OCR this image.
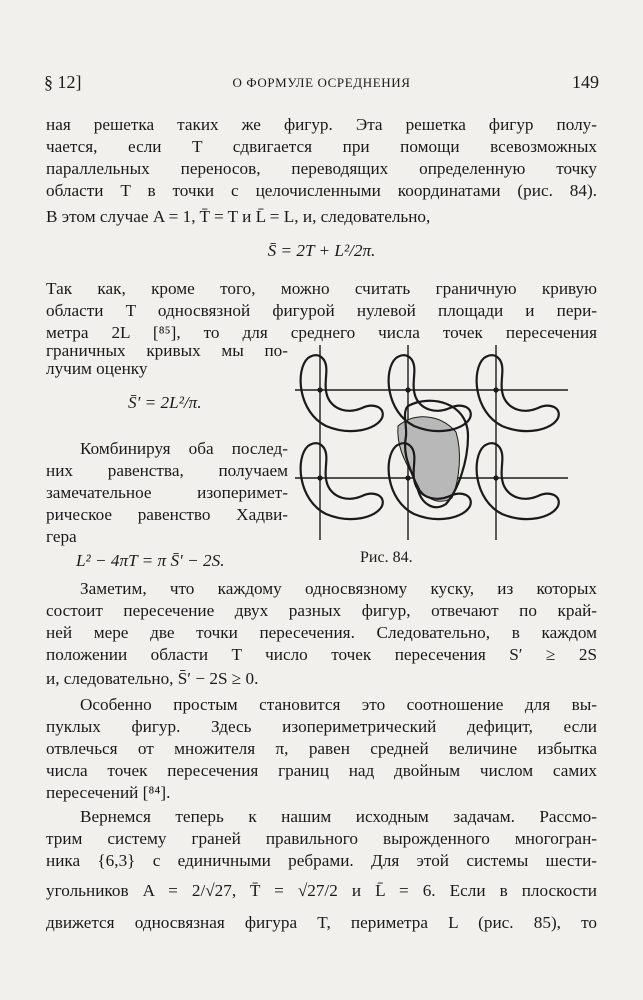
§ 12]	О ФОРМУЛЕ ОСРЕДНЕНИЯ	149
ная решетка таких же фигур. Эта решетка фигур полу-
чается, если T сдвигается при помощи всевозможных
параллельных переносов, переводящих определенную точку
области T в точки с целочисленными координатами (рис. 84).
В этом случае A = 1, T̄ = T и L̄ = L, и, следовательно,
S̄ = 2T + L²/2π.
Так как, кроме того, можно считать граничную кривую
области T односвязной фигурой нулевой площади и пери-
метра 2L [⁸⁵], то для среднего числа точек пересечения
граничных кривых мы по-
лучим оценку
S̄′ = 2L²/π.
Комбинируя оба послед-
них равенства, получаем
замечательное изоперимет-
рическое равенство Хадви-
гера
L² − 4πT = π S̄′ − 2S.	Рис. 84.
Заметим, что каждому односвязному куску, из которых
состоит пересечение двух разных фигур, отвечают по край-
ней мере две точки пересечения. Следовательно, в каждом
положении области T число точек пересечения S′ ≥ 2S
и, следовательно, S̄′ − 2S ≥ 0.
Особенно простым становится это соотношение для вы-
пуклых фигур. Здесь изопериметрический дефицит, если
отвлечься от множителя π, равен средней величине избытка
числа точек пересечения границ над двойным числом самих
пересечений [⁸⁴].
Вернемся теперь к нашим исходным задачам. Рассмо-
трим систему граней правильного вырожденного многогран-
ника {6,3} с единичными ребрами. Для этой системы шести-
угольников A = 2/√27, T̄ = √27/2 и L̄ = 6. Если в плоскости
движется односвязная фигура T, периметра L (рис. 85), то
